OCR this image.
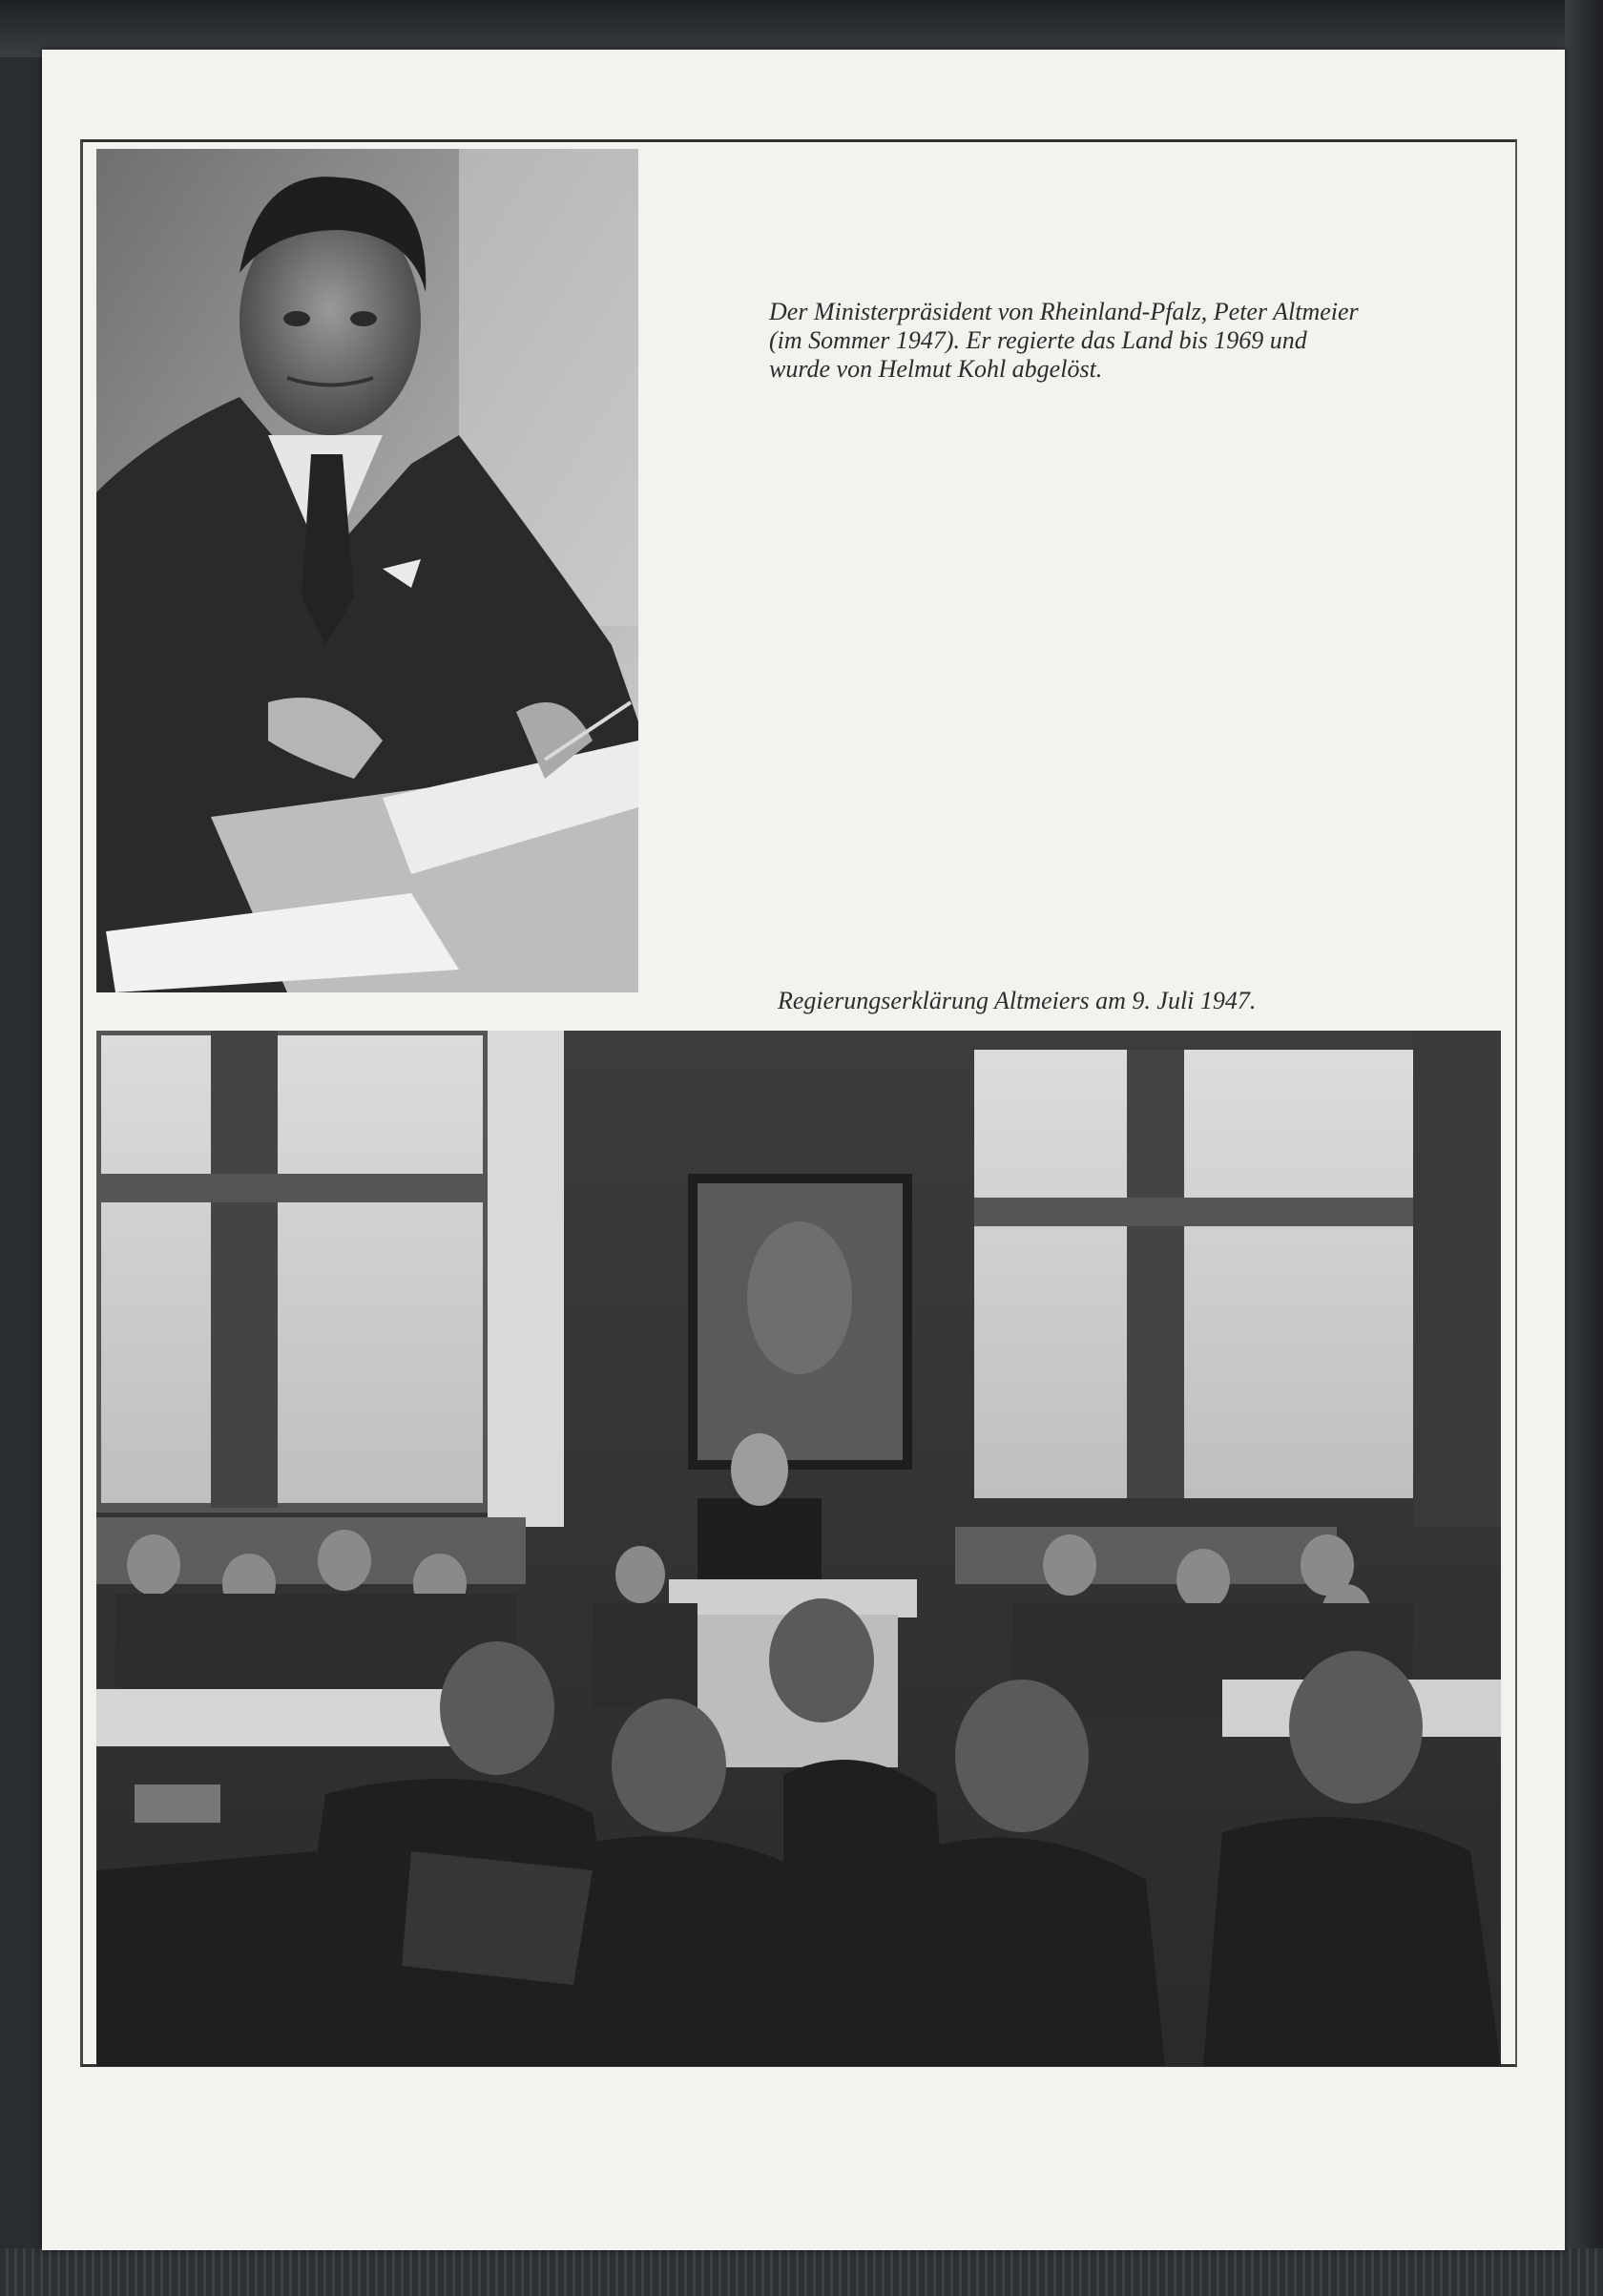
Der Ministerpräsident von Rheinland-Pfalz, Peter Altmeier
(im Sommer 1947). Er regierte das Land bis 1969 und
wurde von Helmut Kohl abgelöst.
Regierungserklärung Altmeiers am 9. Juli 1947.
